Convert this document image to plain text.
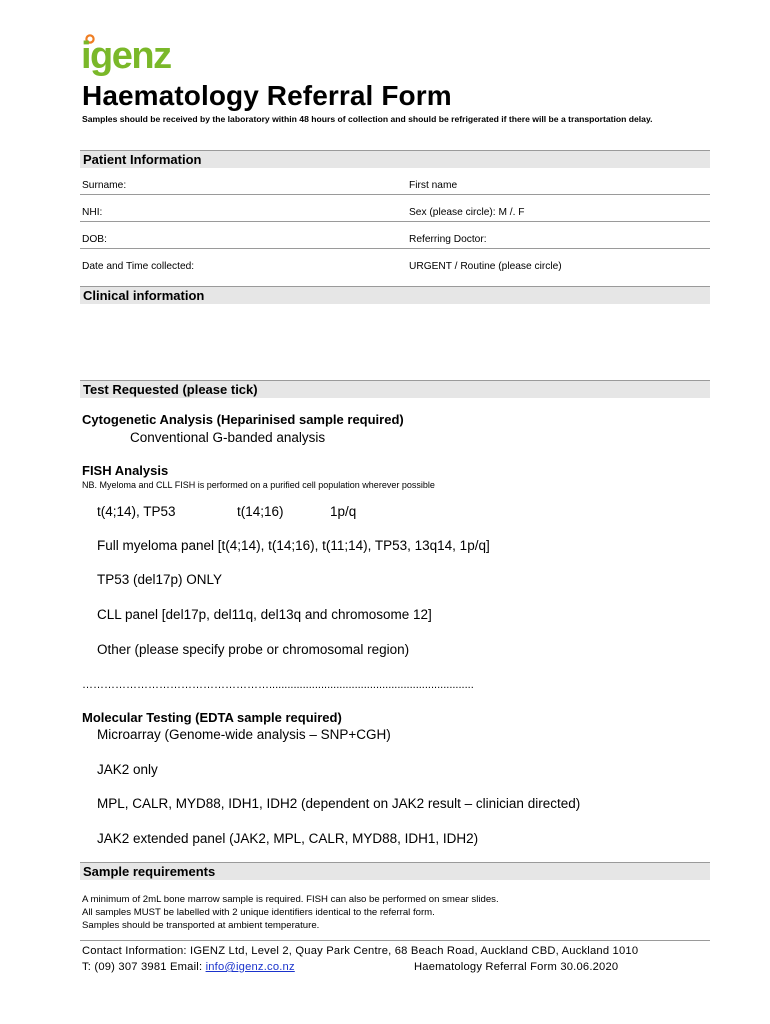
igenz
Haematology Referral Form
Samples should be received by the laboratory within 48 hours of collection and should be refrigerated if there will be a transportation delay.
Patient Information
Surname:	First name
NHI:	Sex (please circle): M /. F
DOB:	Referring Doctor:
Date and Time collected:	URGENT / Routine (please circle)
Clinical information
Test Requested (please tick)
Cytogenetic Analysis (Heparinised sample required)
Conventional G-banded analysis
FISH Analysis
NB. Myeloma and CLL FISH is performed on a purified cell population wherever possible
t(4;14), TP53	t(14;16)	1p/q
Full myeloma panel [t(4;14), t(14;16), t(11;14), TP53, 13q14, 1p/q]
TP53 (del17p) ONLY
CLL panel [del17p, del11q, del13q and chromosome 12]
Other (please specify probe or chromosomal region)
……………………………………………...................................................................
Molecular Testing (EDTA sample required)
Microarray (Genome-wide analysis – SNP+CGH)
JAK2 only
MPL, CALR, MYD88, IDH1, IDH2 (dependent on JAK2 result – clinician directed)
JAK2 extended panel (JAK2, MPL, CALR, MYD88, IDH1, IDH2)
Sample requirements
A minimum of 2mL bone marrow sample is required. FISH can also be performed on smear slides.
All samples MUST be labelled with 2 unique identifiers identical to the referral form.
Samples should be transported at ambient temperature.
Contact Information: IGENZ Ltd, Level 2, Quay Park Centre, 68 Beach Road, Auckland CBD, Auckland 1010
T: (09) 307 3981 Email: info@igenz.co.nz	Haematology Referral Form 30.06.2020
